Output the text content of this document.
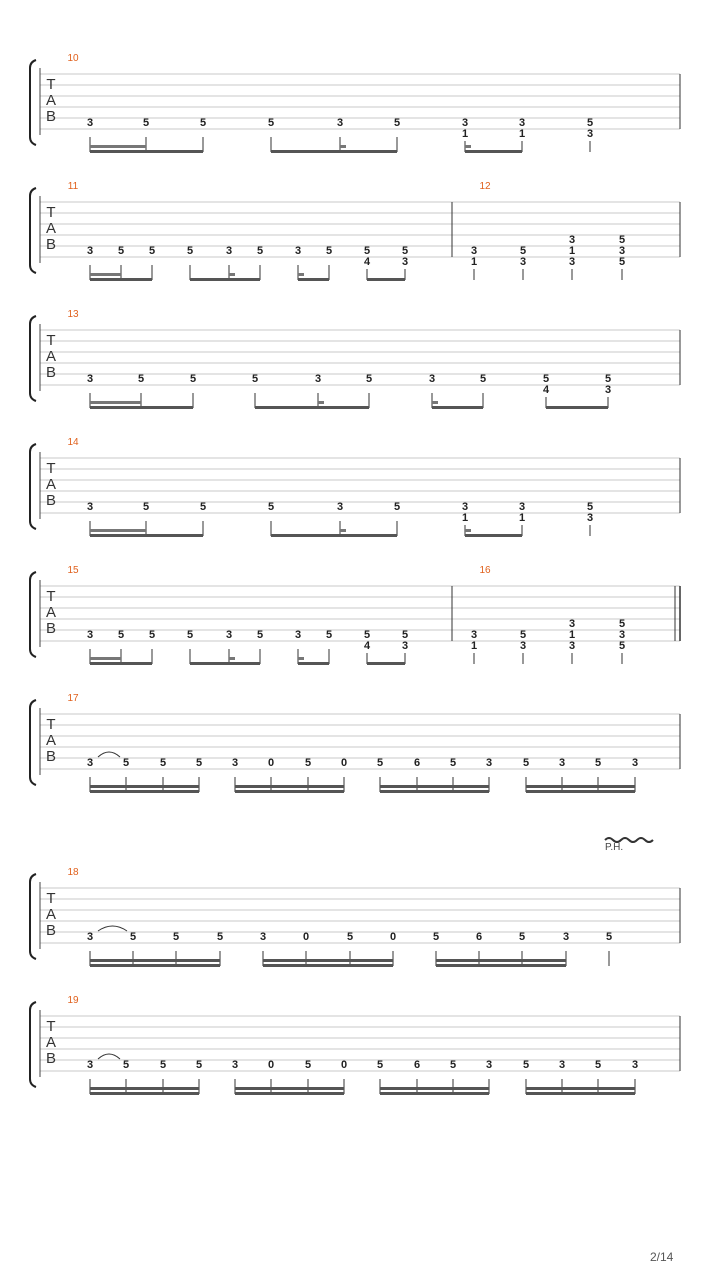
T
A
B
10
3	5	5	5	3	5	3
1
3
1
5
3
T
A
B
11
3 5 5	5	3 5	3 5	5
4
5
3
12
3
1
5
3
1
3
3
3
5
5
T
A
B
13
3	5	5	5	3	5	3	5	5
4
5
3
T
A
B
14
3	5	5	5	3	5	3
1
3
1
5
3
T
A
B
15
3 5 5	5	3 5	3 5	5
4
5
3
16
3
1
5
3
1
3
3
3
5
5
T
A
B
17
3	5	5	5	3	0	5	0	5	6	5	3	5	3	5	3
T
A
B
18
3	5	5	5	3	0	5	0	5	6	5	3	5
T
A
B
19
3	5	5	5	3	0	5	0	5	6	5	3	5	3	5	3
P.H.
2/14
